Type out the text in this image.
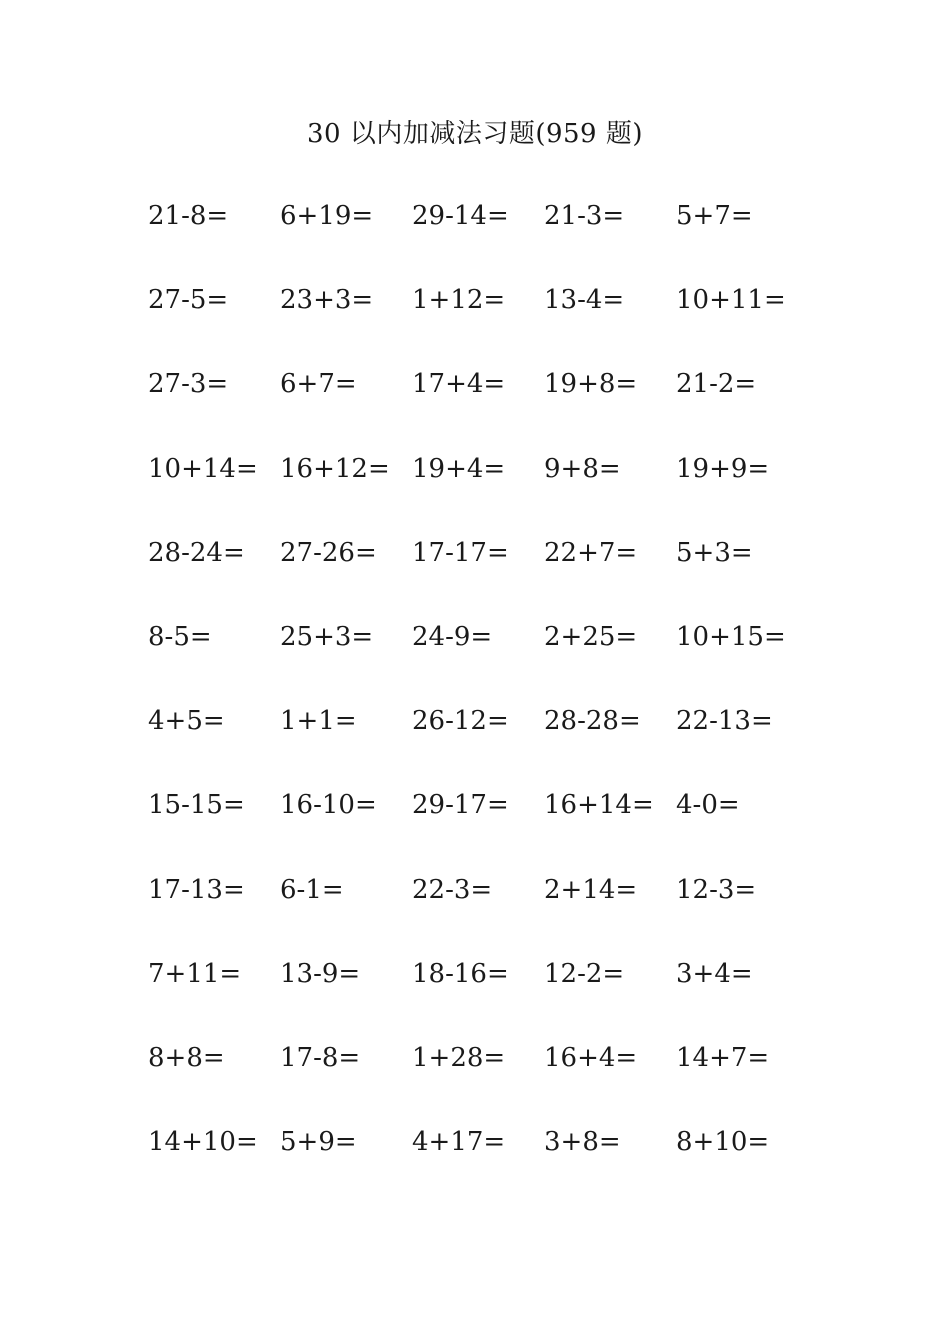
30 以内加减法习题(959 题)
21-8=	6+19=	29-14=	21-3=	5+7=
27-5=	23+3=	1+12=	13-4=	10+11=
27-3=	6+7=	17+4=	19+8=	21-2=
10+14= 16+12= 19+4=	9+8=	19+9=
28-24=	27-26=	17-17=	22+7=	5+3=
8-5=	25+3=	24-9=	2+25=	10+15=
4+5=	1+1=	26-12=	28-28=	22-13=
15-15=	16-10=	29-17=	16+14= 4-0=
17-13=	6-1=	22-3=	2+14=	12-3=
7+11=	13-9=	18-16=	12-2=	3+4=
8+8=	17-8=	1+28=	16+4=	14+7=
14+10= 5+9=	4+17=	3+8=	8+10=
